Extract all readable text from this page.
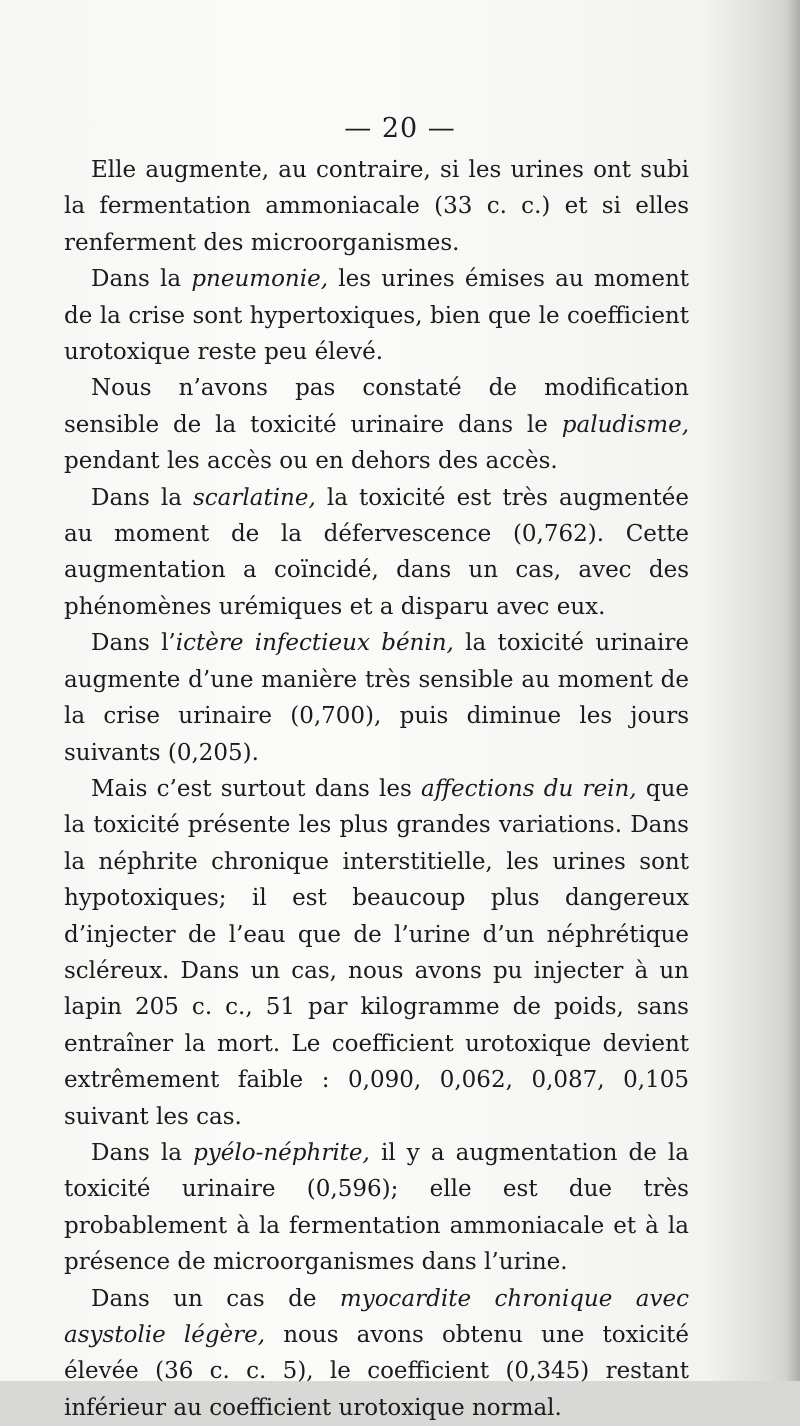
— 20 —

Elle augmente, au contraire, si les urines ont subi la fermentation ammoniacale (33 c. c.) et si elles renferment des microorganismes.

Dans la pneumonie, les urines émises au moment de la crise sont hypertoxiques, bien que le coefficient urotoxique reste peu élevé.

Nous n’avons pas constaté de modification sensible de la toxicité urinaire dans le paludisme, pendant les accès ou en dehors des accès.

Dans la scarlatine, la toxicité est très augmentée au moment de la défervescence (0,762). Cette augmentation a coïncidé, dans un cas, avec des phénomènes urémiques et a disparu avec eux.

Dans l’ictère infectieux bénin, la toxicité urinaire augmente d’une manière très sensible au moment de la crise urinaire (0,700), puis diminue les jours suivants (0,205).

Mais c’est surtout dans les affections du rein, que la toxicité présente les plus grandes variations. Dans la néphrite chronique interstitielle, les urines sont hypotoxiques; il est beaucoup plus dangereux d’injecter de l’eau que de l’urine d’un néphrétique scléreux. Dans un cas, nous avons pu injecter à un lapin 205 c. c., 51 par kilogramme de poids, sans entraîner la mort. Le coefficient urotoxique devient extrêmement faible : 0,090, 0,062, 0,087, 0,105 suivant les cas.

Dans la pyélo-néphrite, il y a augmentation de la toxicité urinaire (0,596); elle est due très probablement à la fermentation ammoniacale et à la présence de microorganismes dans l’urine.

Dans un cas de myocardite chronique avec asystolie légère, nous avons obtenu une toxicité élevée (36 c. c. 5), le coefficient (0,345) restant inférieur au coefficient urotoxique normal.
